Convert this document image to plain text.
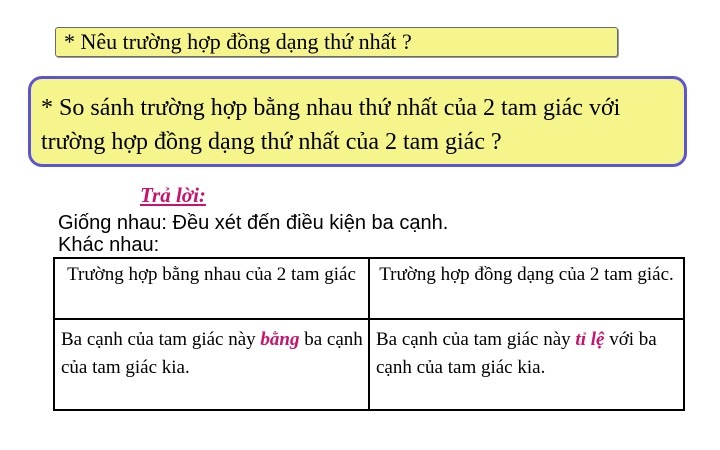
* Nêu trường hợp đồng dạng thứ nhất ?
* So sánh trường hợp bằng nhau thứ nhất của 2 tam giác với trường hợp đồng dạng thứ nhất của 2 tam giác ?
Trả lời:
Giống nhau: Đều xét đến điều kiện ba cạnh.
Khác nhau:
Trường hợp bằng nhau của 2 tam giác	Trường hợp đồng dạng của 2 tam giác.
Ba cạnh của tam giác này bằng ba cạnh của tam giác kia.	Ba cạnh của tam giác này tỉ lệ với ba cạnh của tam giác kia.
